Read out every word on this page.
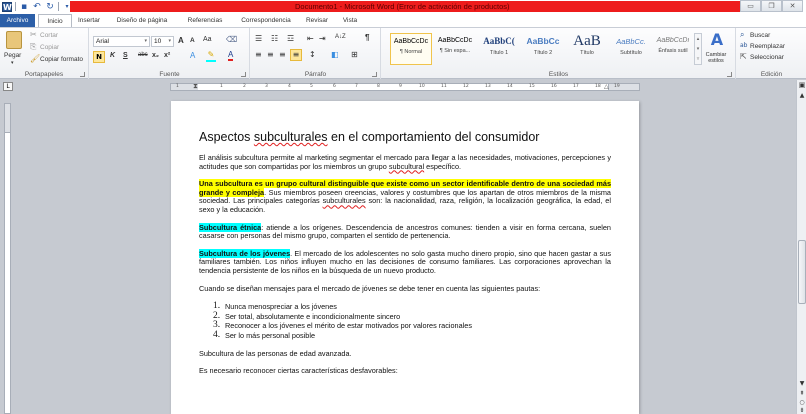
W ▪ ↶ ↻	▾	Documento1 - Microsoft Word (Error de activación de productos)	▭	❐	✕
Archivo	Inicio	Insertar	Diseño de página	Referencias	Correspondencia	Revisar	Vista
Pegar
▾
✂ Cortar
⎘ Copiar
🖌 Copiar formato
Portapapeles
Arial	▾	10 ▾ A A Aa ⌫
N	K S abc x₂ x² A ✎ A
Fuente
☰ ☷ ☲ ⇤ ⇥ A↓Z ¶
≡ ≡ ≡ ≡	↕ ◧ ⊞
Párrafo
AaBbCcDc
¶ Normal
AaBbCcDc
¶ Sin espa...
AaBbC(
Título 1
AaBbCc
Título 2
AaB
Título
AaBbCc.
Subtítulo
AaBbCcDı
Énfasis sutil
▴
▾
▿
A
Cambiar estilos
Estilos
⌕ Buscar
ab Reemplazar
⇱ Seleccionar
Edición
L	1	1	2	3	4	5	6	7	8	9	10	11	12	13	14	15	16	17	18	19
⧗	△	▣
▲
▼
⇞
○
⇟
Aspectos subculturales en el comportamiento del consumidor

El análisis subcultura permite al marketing segmentar el mercado para llegar a las necesidades, motivaciones, percepciones y actitudes que son compartidas por los miembros un grupo subcultural específico.

Una subcultura es un grupo cultural distinguible que existe como un sector identificable dentro de una sociedad más grande y compleja. Sus miembros poseen creencias, valores y costumbres que los apartan de otros miembros de la misma sociedad. Las principales categorías subculturales son: la nacionalidad, raza, religión, la localización geográfica, la edad, el sexo y la educación.

Subcultura étnica: atiende a los orígenes. Descendencia de ancestros comunes: tienden a visir en forma cercana, suelen casarse con personas del mismo grupo, comparten el sentido de pertenencia.

Subcultura de los jóvenes. El mercado de los adolescentes no solo gasta mucho dinero propio, sino que hacen gastar a sus familiares también. Los niños influyen mucho en las decisiones de consumo familiares. Las corporaciones aprovechan la tendencia persistente de los niños en la búsqueda de un nuevo producto.

Cuando se diseñan mensajes para el mercado de jóvenes se debe tener en cuenta las siguientes pautas:

1. Nunca menospreciar a los jóvenes
2. Ser total, absolutamente e incondicionalmente sincero
3. Reconocer a los jóvenes el mérito de estar motivados por valores racionales
4. Ser lo más personal posible

Subcultura de las personas de edad avanzada.

Es necesario reconocer ciertas características desfavorables:
